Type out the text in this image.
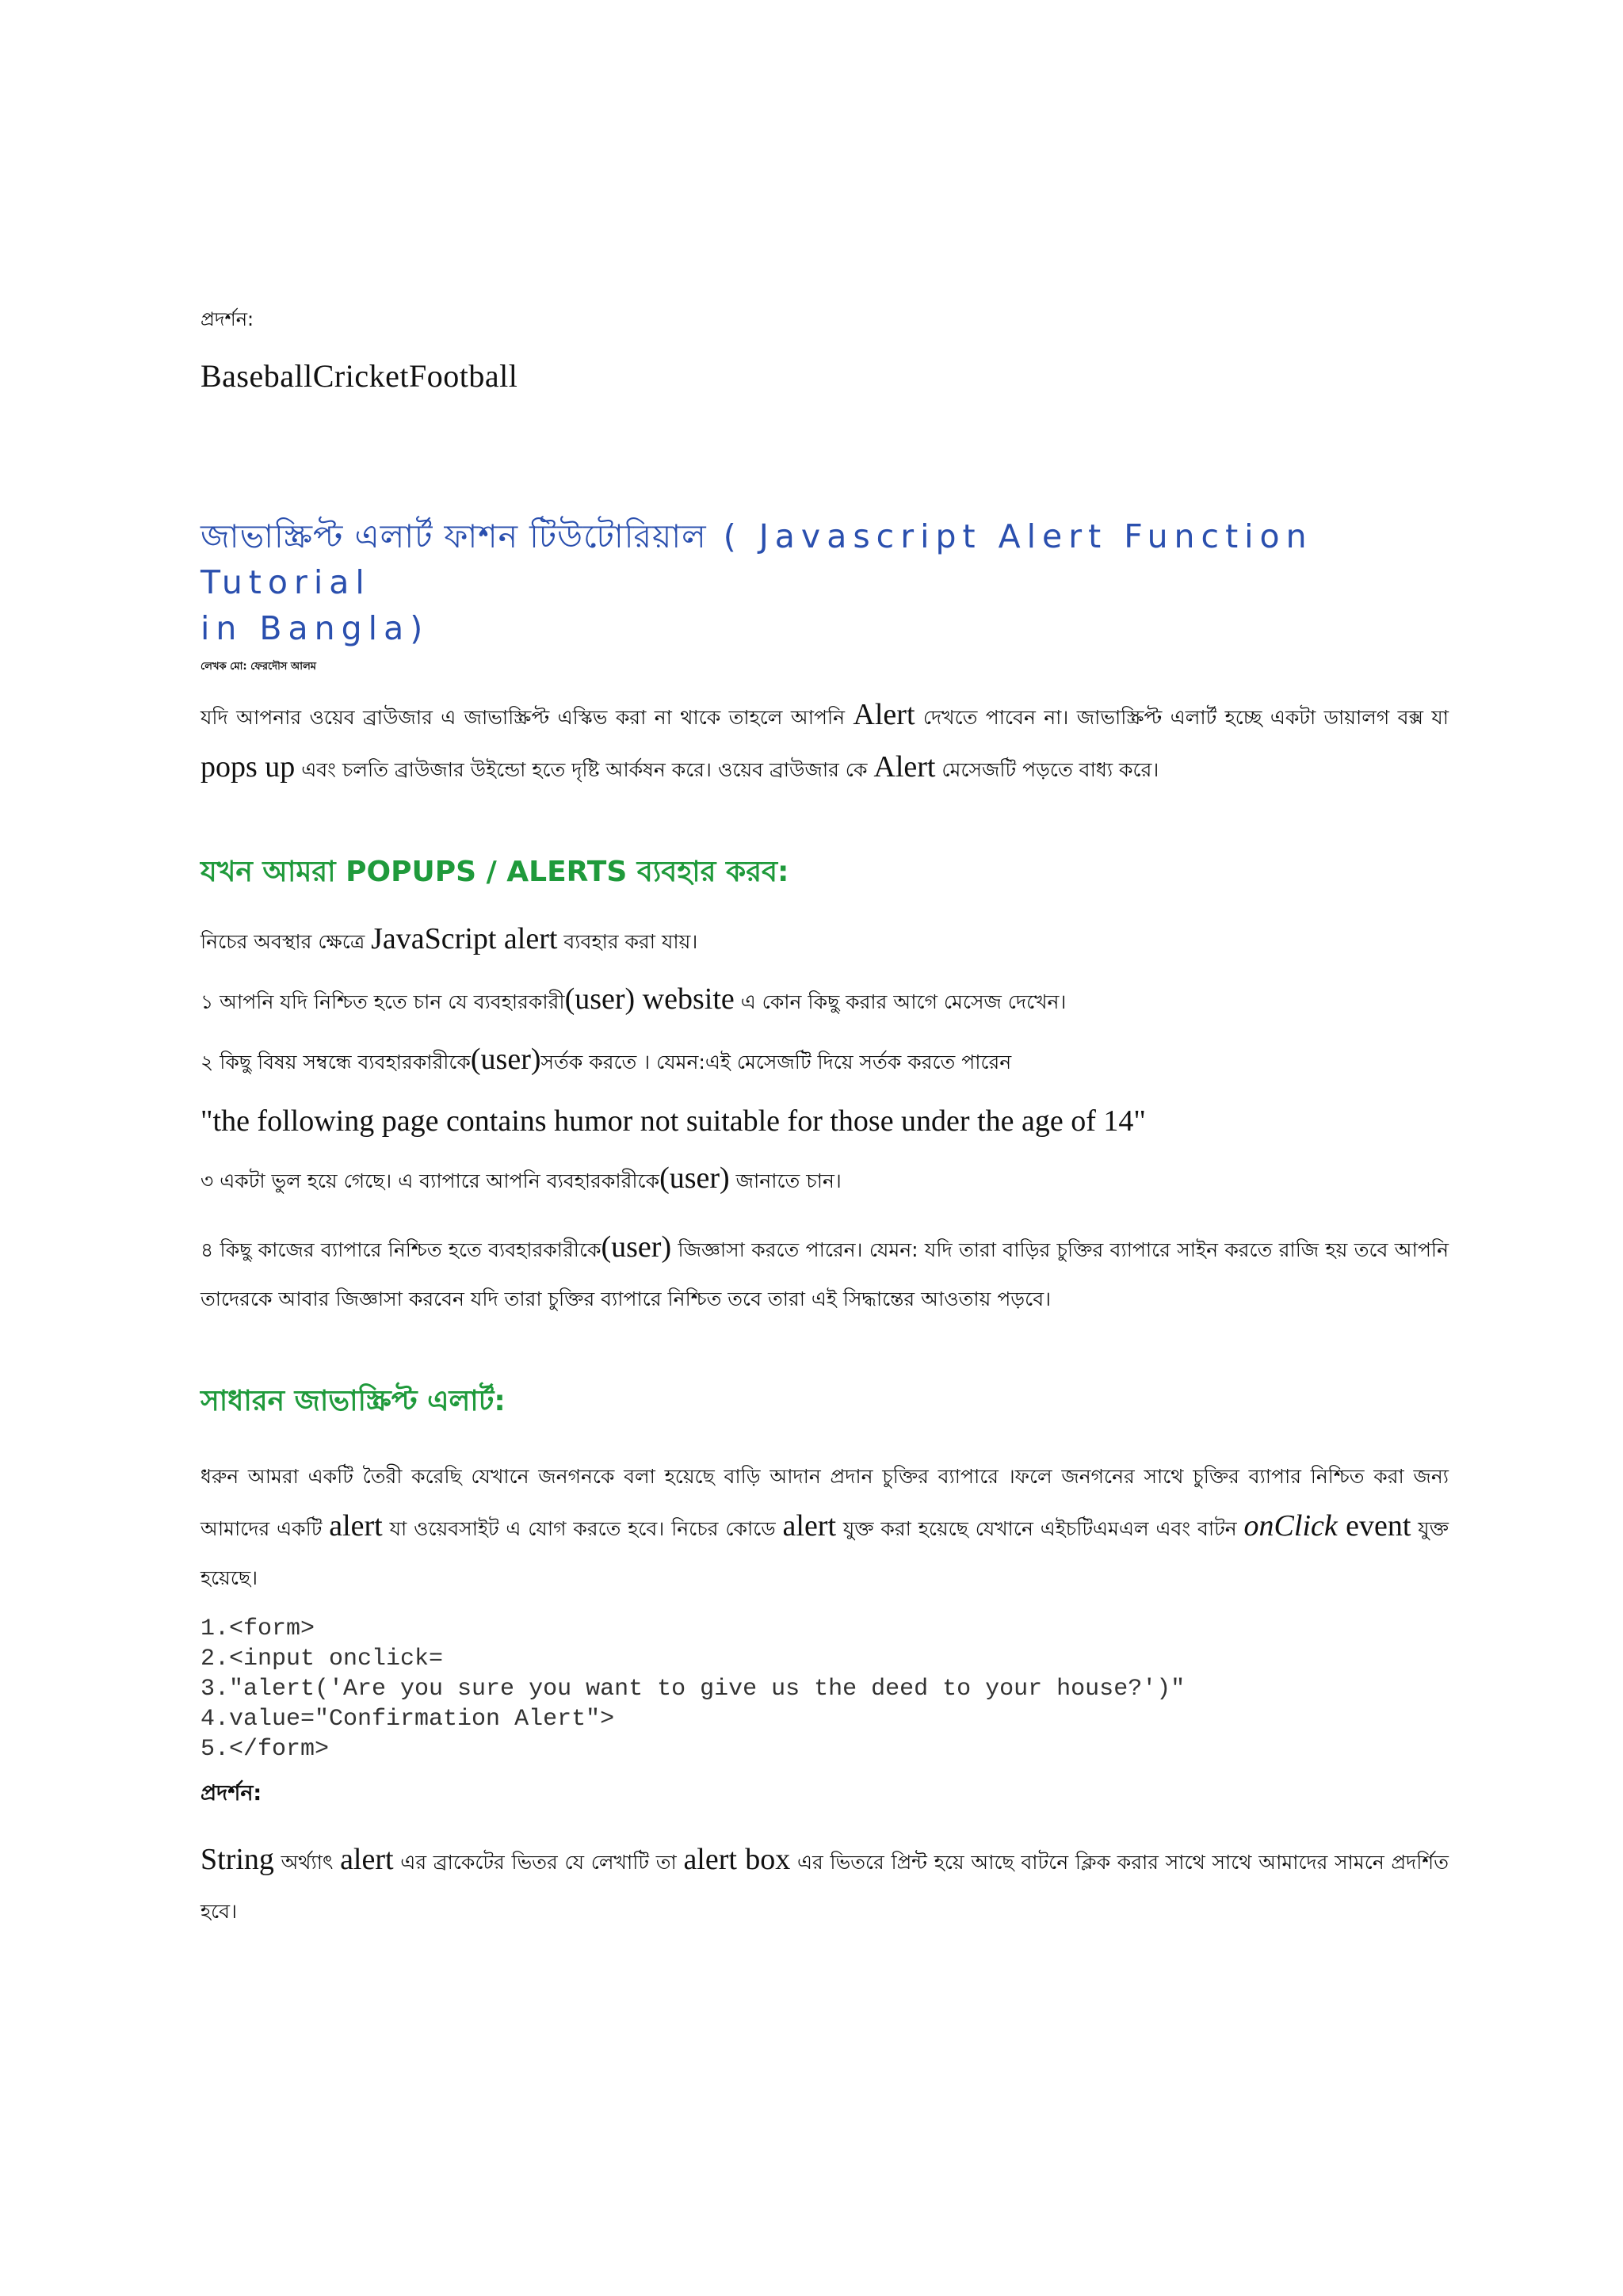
প্রদর্শন:
BaseballCricketFootball
জাভাস্ক্রিপ্ট এলার্ট ফাশন টিউটোরিয়াল ( Javascript Alert Function Tutorial
in Bangla)
লেখক মো: ফেরদৌস আলম

যদি আপনার ওয়েব ব্রাউজার এ জাভাস্ক্রিপ্ট এস্কিভ করা না থাকে তাহলে আপনি Alert দেখতে পাবেন না। জাভাস্ক্রিপ্ট এলার্ট হচ্ছে একটা ডায়ালগ বক্স যা pops up এবং চলতি ব্রাউজার উইন্ডো হতে দৃষ্টি আর্কষন করে। ওয়েব ব্রাউজার কে Alert মেসেজটি পড়তে বাধ্য করে।

যখন আমরা POPUPS / ALERTS ব্যবহার করব:

নিচের অবস্থার ক্ষেত্রে JavaScript alert ব্যবহার করা যায়।

১ আপনি যদি নিশ্চিত হতে চান যে ব্যবহারকারী(user) website এ কোন কিছু করার আগে মেসেজ দেখেন।

২ কিছু বিষয় সম্বন্ধে ব্যবহারকারীকে(user)সর্তক করতে । যেমন:এই মেসেজটি দিয়ে সর্তক করতে পারেন

"the following page contains humor not suitable for those under the age of 14"

৩ একটা ভুল হয়ে গেছে। এ ব্যাপারে আপনি ব্যবহারকারীকে(user) জানাতে চান।

৪ কিছু কাজের ব্যাপারে নিশ্চিত হতে ব্যবহারকারীকে(user) জিজ্ঞাসা করতে পারেন। যেমন: যদি তারা বাড়ির চুক্তির ব্যাপারে সাইন করতে রাজি হয় তবে আপনি তাদেরকে আবার জিজ্ঞাসা করবেন যদি তারা চুক্তির ব্যাপারে নিশ্চিত তবে তারা এই সিদ্ধান্তের আওতায় পড়বে।

সাধারন জাভাস্ক্রিপ্ট এলার্ট:

ধরুন আমরা একটি তৈরী করেছি যেখানে জনগনকে বলা হয়েছে বাড়ি আদান প্রদান চুক্তির ব্যাপারে ।ফলে জনগনের সাথে চুক্তির ব্যাপার নিশ্চিত করা জন্য আমাদের একটি alert যা ওয়েবসাইট এ যোগ করতে হবে। নিচের কোডে alert যুক্ত করা হয়েছে যেখানে এইচটিএমএল এবং বাটন onClick event যুক্ত হয়েছে।

1.<form>
2.<input onclick=
3."alert('Are you sure you want to give us the deed to your house?')"
4.value="Confirmation Alert">
5.</form>
প্রদর্শন:

String অর্থ্যাৎ alert এর ব্রাকেটের ভিতর যে লেখাটি তা alert box এর ভিতরে প্রিন্ট হয়ে আছে বাটনে ক্লিক করার সাথে সাথে আমাদের সামনে প্রদর্শিত হবে।
